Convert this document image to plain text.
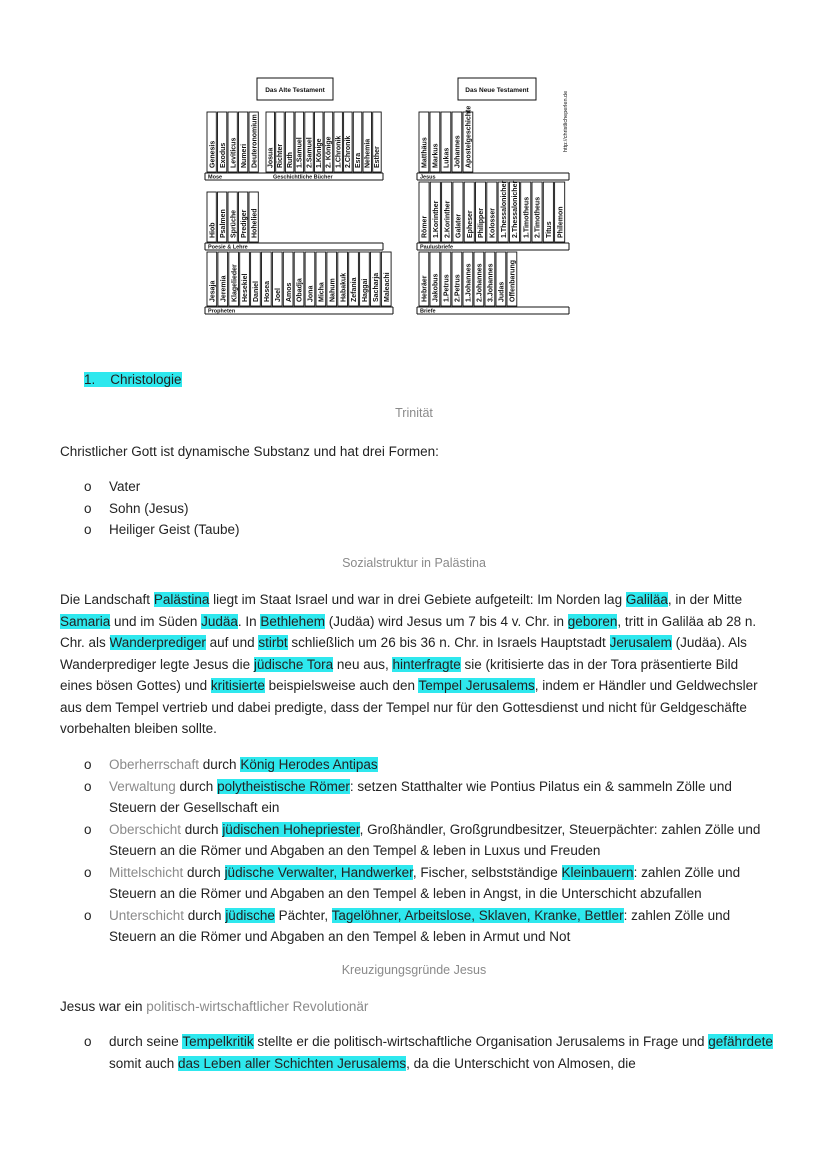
Das Alte Testament	Das Neue Testament
http://christlicheperlen.de
Mose
Genesis Exodus Leviticus Numeri Deuteronomium Josua Richter Ruth 1.Samuel 2.Samuel 1.Könige 2. Könige 1.Chronik 2.Chronik Esra Nehemia Esther
Geschichtliche Bücher
Poesie & Lehre
Hiob Psalmen Sprüche Prediger Hohelied
Propheten
Jesaja Jeremia Klagelieder Hesekiel Daniel Hosea Joel Amos Obadja Jona Micha Nahum Habakuk Zefania Haggai Sacharja Maleachi
Jesus
Matthäus Markus Lukas Johannes Apostelgeschichte
Paulusbriefe
Römer 1.Korinther 2.Korinther Galater Epheser Philipper Kolosser 1.Thessalonicher 2.Thessalonicher 1.Timotheus 2.Timotheus Titus Philemon
Briefe
Hebräer Jakobus 1.Petrus 2.Petrus 1.Johannes 2.Johannes 3.Johannes Judas Offenbarung
1. Christologie
Trinität
Christlicher Gott ist dynamische Substanz und hat drei Formen:
o Vater
o Sohn (Jesus)
o Heiliger Geist (Taube)
Sozialstruktur in Palästina
Die Landschaft Palästina liegt im Staat Israel und war in drei Gebiete aufgeteilt: Im Norden lag Galiläa, in der Mitte Samaria und im Süden Judäa. In Bethlehem (Judäa) wird Jesus um 7 bis 4 v. Chr. in geboren, tritt in Galiläa ab 28 n. Chr. als Wanderprediger auf und stirbt schließlich um 26 bis 36 n. Chr. in Israels Hauptstadt Jerusalem (Judäa). Als Wanderprediger legte Jesus die jüdische Tora neu aus, hinterfragte sie (kritisierte das in der Tora präsentierte Bild eines bösen Gottes) und kritisierte beispielsweise auch den Tempel Jerusalems, indem er Händler und Geldwechsler aus dem Tempel vertrieb und dabei predigte, dass der Tempel nur für den Gottesdienst und nicht für Geldgeschäfte vorbehalten bleiben sollte.
o Oberherrschaft durch König Herodes Antipas
o Verwaltung durch polytheistische Römer: setzen Statthalter wie Pontius Pilatus ein & sammeln Zölle und Steuern der Gesellschaft ein
o Oberschicht durch jüdischen Hohepriester, Großhändler, Großgrundbesitzer, Steuerpächter: zahlen Zölle und Steuern an die Römer und Abgaben an den Tempel & leben in Luxus und Freuden
o Mittelschicht durch jüdische Verwalter, Handwerker, Fischer, selbstständige Kleinbauern: zahlen Zölle und Steuern an die Römer und Abgaben an den Tempel & leben in Angst, in die Unterschicht abzufallen
o Unterschicht durch jüdische Pächter, Tagelöhner, Arbeitslose, Sklaven, Kranke, Bettler: zahlen Zölle und Steuern an die Römer und Abgaben an den Tempel & leben in Armut und Not
Kreuzigungsgründe Jesus
Jesus war ein politisch-wirtschaftlicher Revolutionär
o durch seine Tempelkritik stellte er die politisch-wirtschaftliche Organisation Jerusalems in Frage und gefährdete somit auch das Leben aller Schichten Jerusalems, da die Unterschicht von Almosen, die
